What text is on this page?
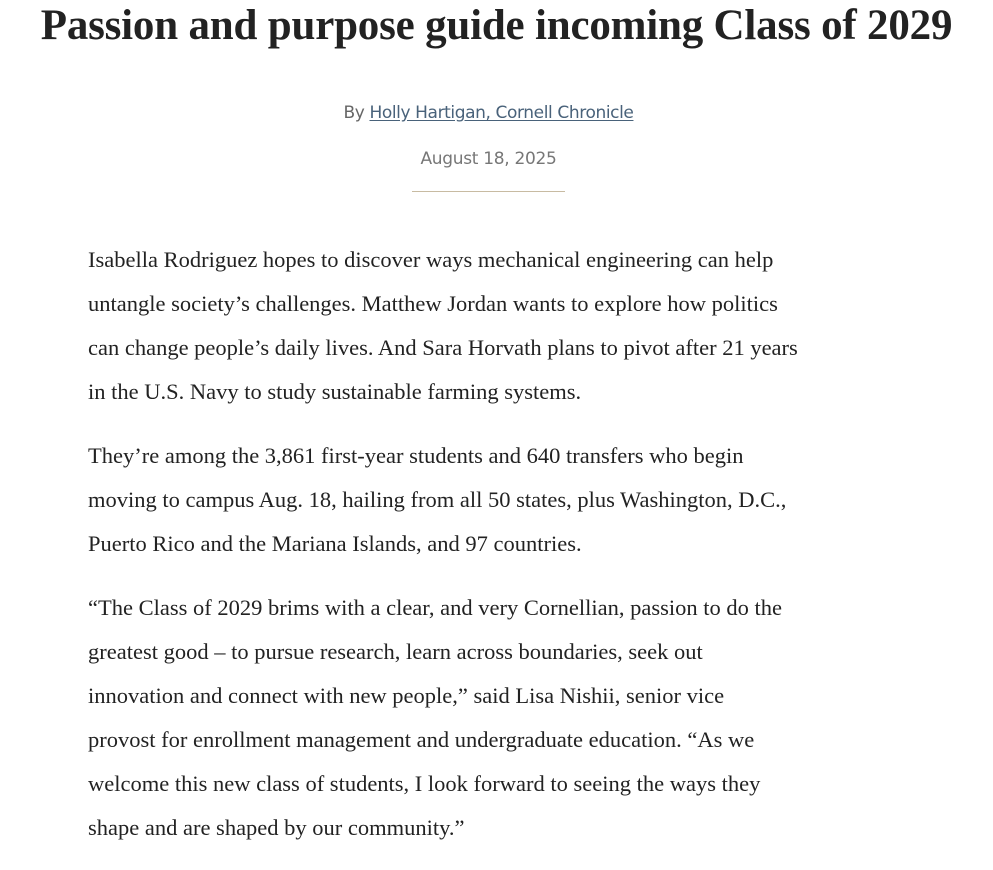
Passion and purpose guide incoming Class of 2029
By Holly Hartigan, Cornell Chronicle
August 18, 2025

Isabella Rodriguez hopes to discover ways mechanical engineering can help
untangle society’s challenges. Matthew Jordan wants to explore how politics
can change people’s daily lives. And Sara Horvath plans to pivot after 21 years
in the U.S. Navy to study sustainable farming systems.

They’re among the 3,861 first-year students and 640 transfers who begin
moving to campus Aug. 18, hailing from all 50 states, plus Washington, D.C.,
Puerto Rico and the Mariana Islands, and 97 countries.

“The Class of 2029 brims with a clear, and very Cornellian, passion to do the
greatest good – to pursue research, learn across boundaries, seek out
innovation and connect with new people,” said Lisa Nishii, senior vice
provost for enrollment management and undergraduate education. “As we
welcome this new class of students, I look forward to seeing the ways they
shape and are shaped by our community.”
